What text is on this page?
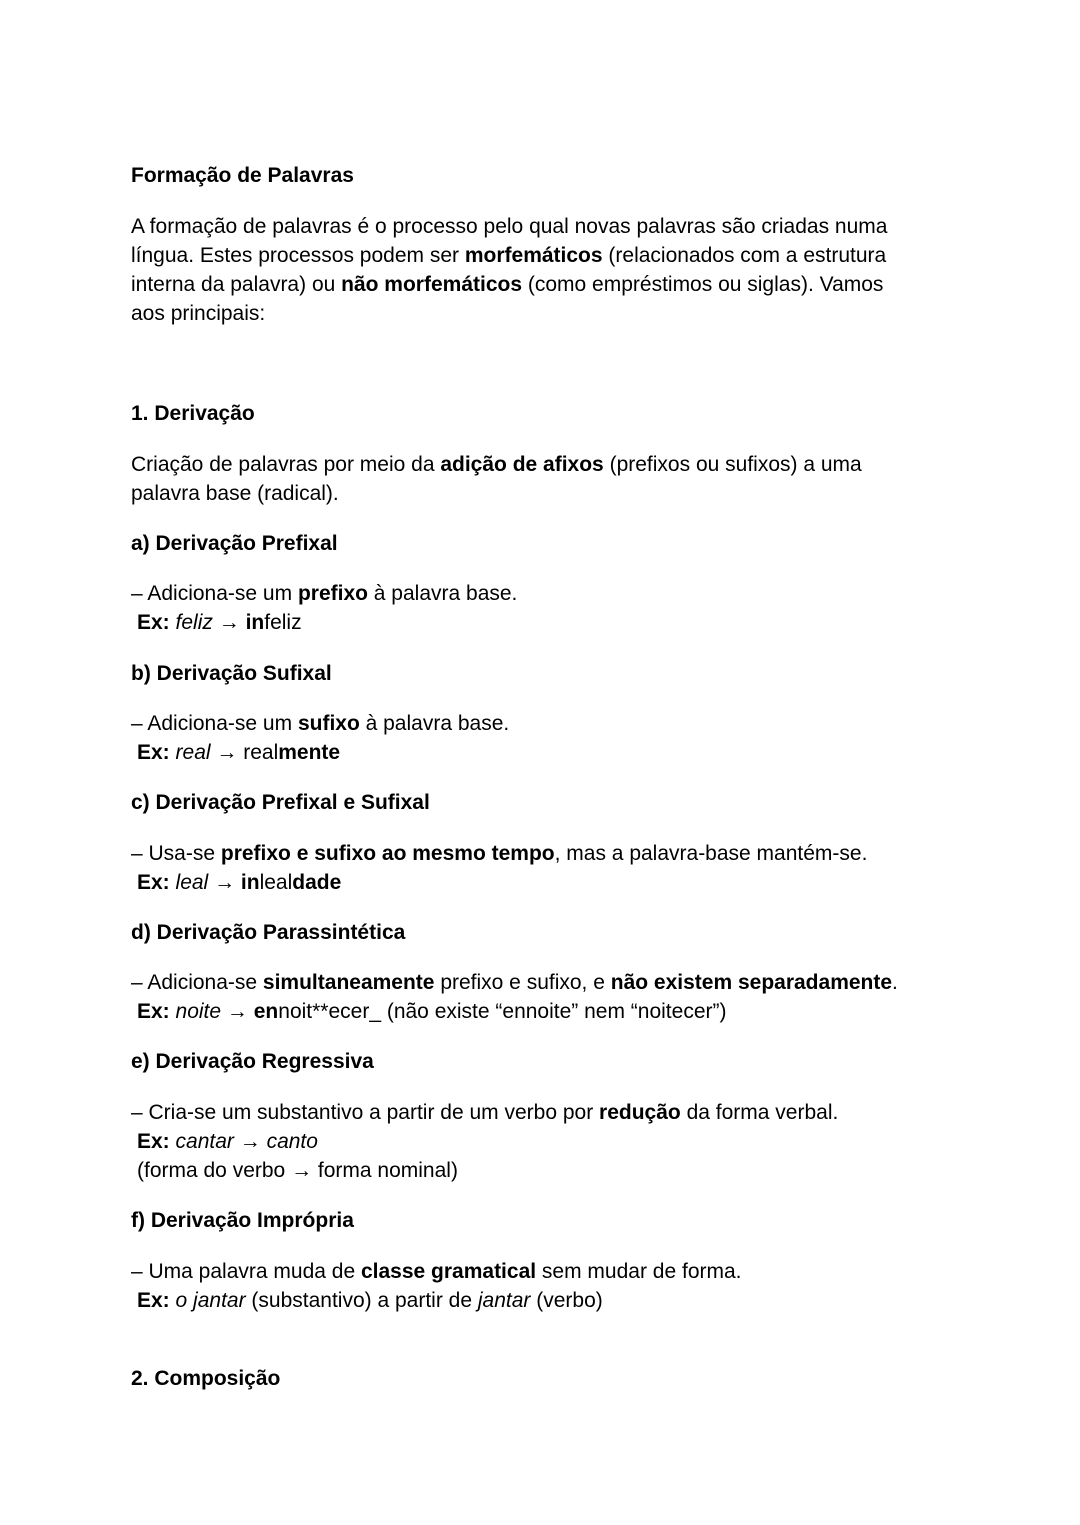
Formação de Palavras
A formação de palavras é o processo pelo qual novas palavras são criadas numa
língua. Estes processos podem ser morfemáticos (relacionados com a estrutura
interna da palavra) ou não morfemáticos (como empréstimos ou siglas). Vamos
aos principais:
1. Derivação
Criação de palavras por meio da adição de afixos (prefixos ou sufixos) a uma
palavra base (radical).
a) Derivação Prefixal
– Adiciona-se um prefixo à palavra base.
Ex: feliz → infeliz
b) Derivação Sufixal
– Adiciona-se um sufixo à palavra base.
Ex: real → realmente
c) Derivação Prefixal e Sufixal
– Usa-se prefixo e sufixo ao mesmo tempo, mas a palavra-base mantém-se.
Ex: leal → inlealdade
d) Derivação Parassintética
– Adiciona-se simultaneamente prefixo e sufixo, e não existem separadamente.
Ex: noite → ennoit**ecer_ (não existe “ennoite” nem “noitecer”)
e) Derivação Regressiva
– Cria-se um substantivo a partir de um verbo por redução da forma verbal.
Ex: cantar → canto
(forma do verbo → forma nominal)
f) Derivação Imprópria
– Uma palavra muda de classe gramatical sem mudar de forma.
Ex: o jantar (substantivo) a partir de jantar (verbo)
2. Composição
